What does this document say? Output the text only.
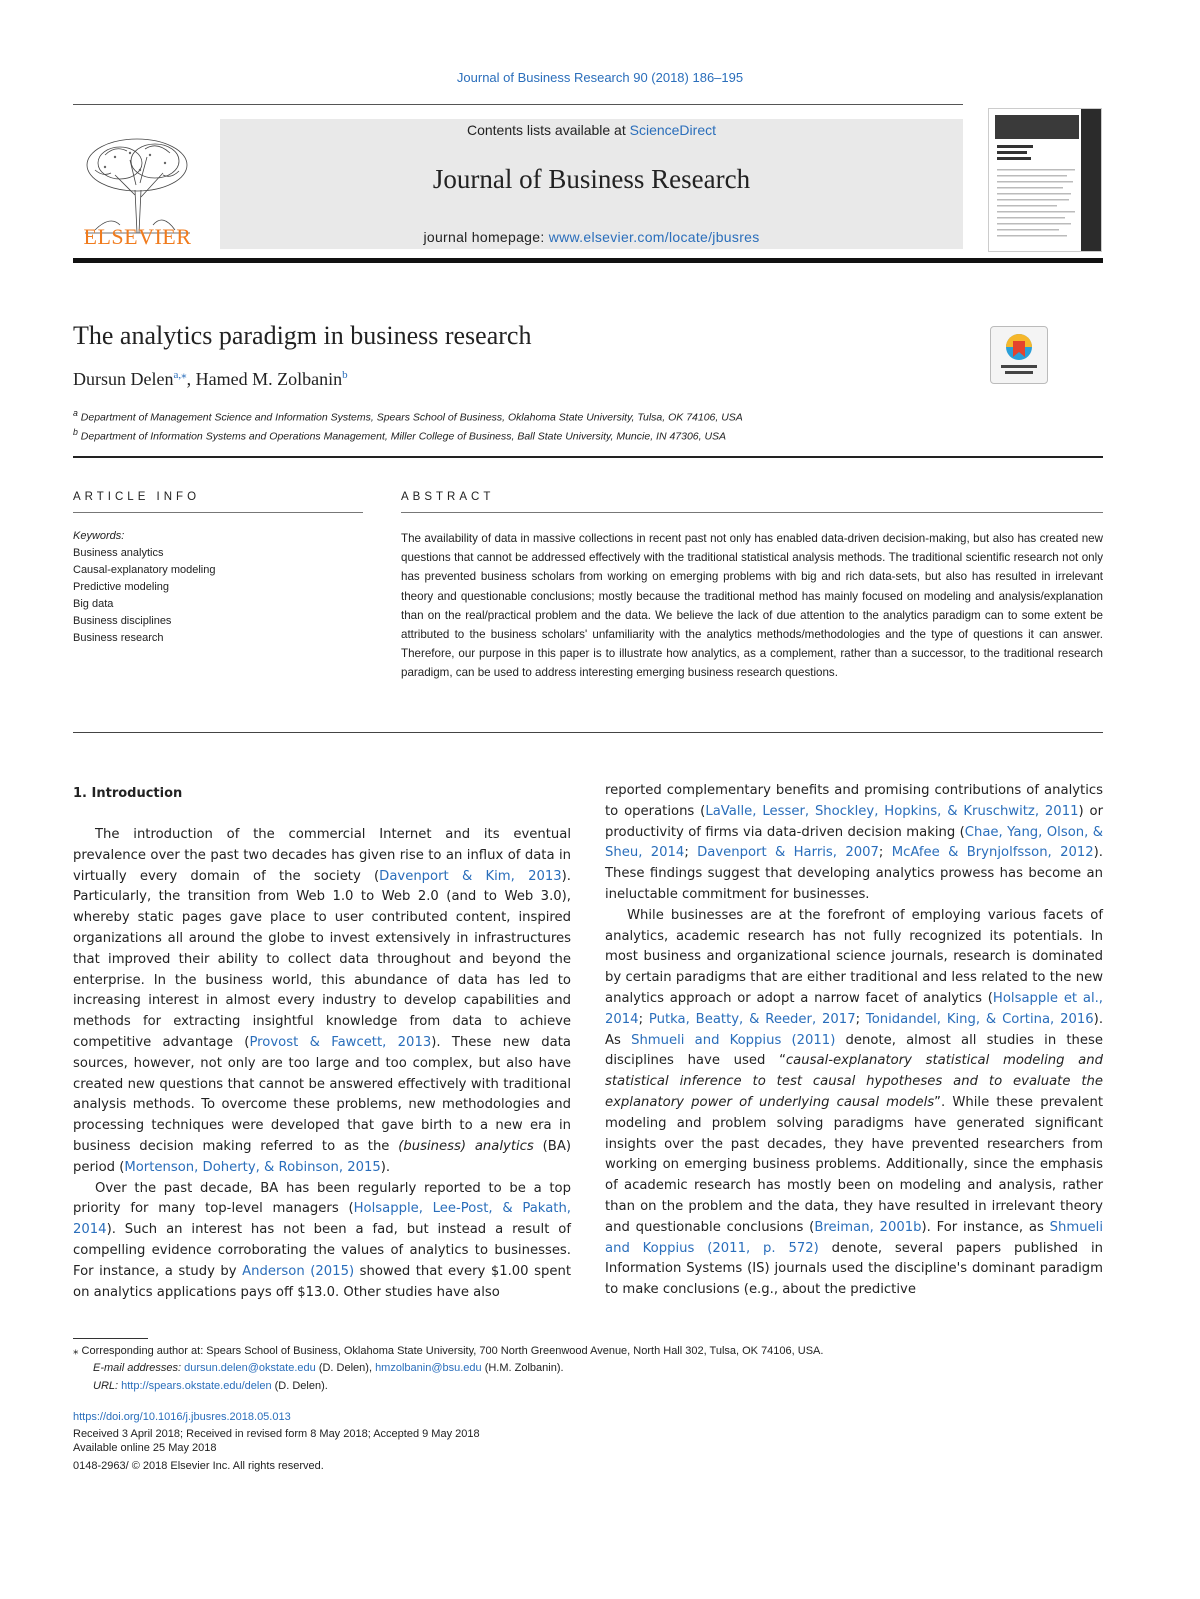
Journal of Business Research 90 (2018) 186–195
ELSEVIER
Contents lists available at ScienceDirect
Journal of Business Research
journal homepage: www.elsevier.com/locate/jbusres
The analytics paradigm in business research
Dursun Delen$^{a,⁎}$, Hamed M. Zolbanin$^b$
$^a$ Department of Management Science and Information Systems, Spears School of Business, Oklahoma State University, Tulsa, OK 74106, USA
$^b$ Department of Information Systems and Operations Management, Miller College of Business, Ball State University, Muncie, IN 47306, USA
ARTICLE INFO	ABSTRACT
Keywords:
Business analytics
Causal-explanatory modeling
Predictive modeling
Big data
Business disciplines
Business research
The availability of data in massive collections in recent past not only has enabled data-driven decision-making, but also has created new questions that cannot be addressed effectively with the traditional statistical analysis methods. The traditional scientific research not only has prevented business scholars from working on emerging problems with big and rich data-sets, but also has resulted in irrelevant theory and questionable conclusions; mostly because the traditional method has mainly focused on modeling and analysis/explanation than on the real/practical problem and the data. We believe the lack of due attention to the analytics paradigm can to some extent be attributed to the business scholars' unfamiliarity with the analytics methods/methodologies and the type of questions it can answer. Therefore, our purpose in this paper is to illustrate how analytics, as a complement, rather than a successor, to the traditional research paradigm, can be used to address interesting emerging business research questions.
1. Introduction

The introduction of the commercial Internet and its eventual prevalence over the past two decades has given rise to an influx of data in virtually every domain of the society (Davenport & Kim, 2013). Particularly, the transition from Web 1.0 to Web 2.0 (and to Web 3.0), whereby static pages gave place to user contributed content, inspired organizations all around the globe to invest extensively in infrastructures that improved their ability to collect data throughout and beyond the enterprise. In the business world, this abundance of data has led to increasing interest in almost every industry to develop capabilities and methods for extracting insightful knowledge from data to achieve competitive advantage (Provost & Fawcett, 2013). These new data sources, however, not only are too large and too complex, but also have created new questions that cannot be answered effectively with traditional analysis methods. To overcome these problems, new methodologies and processing techniques were developed that gave birth to a new era in business decision making referred to as the (business) analytics (BA) period (Mortenson, Doherty, & Robinson, 2015).

Over the past decade, BA has been regularly reported to be a top priority for many top-level managers (Holsapple, Lee-Post, & Pakath, 2014). Such an interest has not been a fad, but instead a result of compelling evidence corroborating the values of analytics to businesses. For instance, a study by Anderson (2015) showed that every $1.00 spent on analytics applications pays off $13.0. Other studies have also

reported complementary benefits and promising contributions of analytics to operations (LaValle, Lesser, Shockley, Hopkins, & Kruschwitz, 2011) or productivity of firms via data-driven decision making (Chae, Yang, Olson, & Sheu, 2014; Davenport & Harris, 2007; McAfee & Brynjolfsson, 2012). These findings suggest that developing analytics prowess has become an ineluctable commitment for businesses.

While businesses are at the forefront of employing various facets of analytics, academic research has not fully recognized its potentials. In most business and organizational science journals, research is dominated by certain paradigms that are either traditional and less related to the new analytics approach or adopt a narrow facet of analytics (Holsapple et al., 2014; Putka, Beatty, & Reeder, 2017; Tonidandel, King, & Cortina, 2016). As Shmueli and Koppius (2011) denote, almost all studies in these disciplines have used “causal-explanatory statistical modeling and statistical inference to test causal hypotheses and to evaluate the explanatory power of underlying causal models”. While these prevalent modeling and problem solving paradigms have generated significant insights over the past decades, they have prevented researchers from working on emerging business problems. Additionally, since the emphasis of academic research has mostly been on modeling and analysis, rather than on the problem and the data, they have resulted in irrelevant theory and questionable conclusions (Breiman, 2001b). For instance, as Shmueli and Koppius (2011, p. 572) denote, several papers published in Information Systems (IS) journals used the discipline's dominant paradigm to make conclusions (e.g., about the predictive

⁎ Corresponding author at: Spears School of Business, Oklahoma State University, 700 North Greenwood Avenue, North Hall 302, Tulsa, OK 74106, USA.
E-mail addresses: dursun.delen@okstate.edu (D. Delen), hmzolbanin@bsu.edu (H.M. Zolbanin).
URL: http://spears.okstate.edu/delen (D. Delen).
https://doi.org/10.1016/j.jbusres.2018.05.013
Received 3 April 2018; Received in revised form 8 May 2018; Accepted 9 May 2018
Available online 25 May 2018
0148-2963/ © 2018 Elsevier Inc. All rights reserved.
